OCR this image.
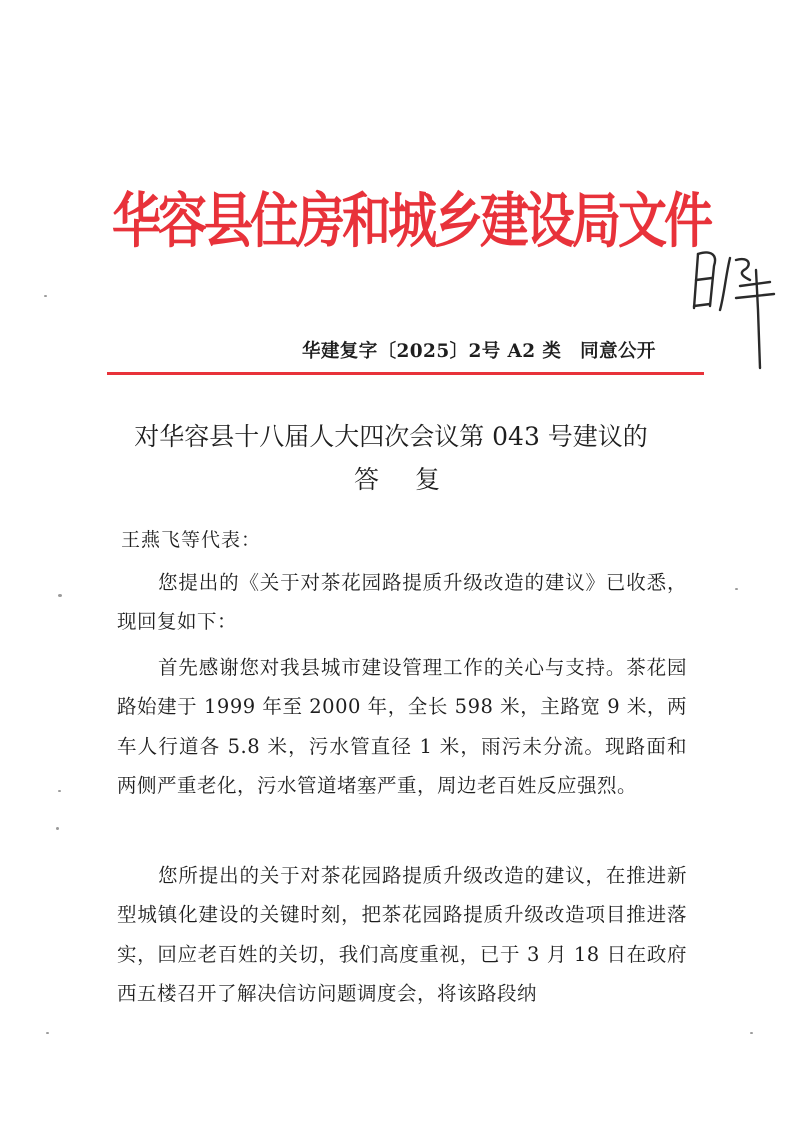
华容县住房和城乡建设局文件
华建复字〔2025〕2号 A2 类　同意公开
对华容县十八届人大四次会议第 043 号建议的
答复
王燕飞等代表：
您提出的《关于对茶花园路提质升级改造的建议》已收悉，现回复如下：
首先感谢您对我县城市建设管理工作的关心与支持。茶花园路始建于 1999 年至 2000 年，全长 598 米，主路宽 9 米，两车人行道各 5.8 米，污水管直径 1 米，雨污未分流。现路面和两侧严重老化，污水管道堵塞严重，周边老百姓反应强烈。
您所提出的关于对茶花园路提质升级改造的建议，在推进新型城镇化建设的关键时刻，把茶花园路提质升级改造项目推进落实，回应老百姓的关切，我们高度重视，已于 3 月 18 日在政府西五楼召开了解决信访问题调度会，将该路段纳
